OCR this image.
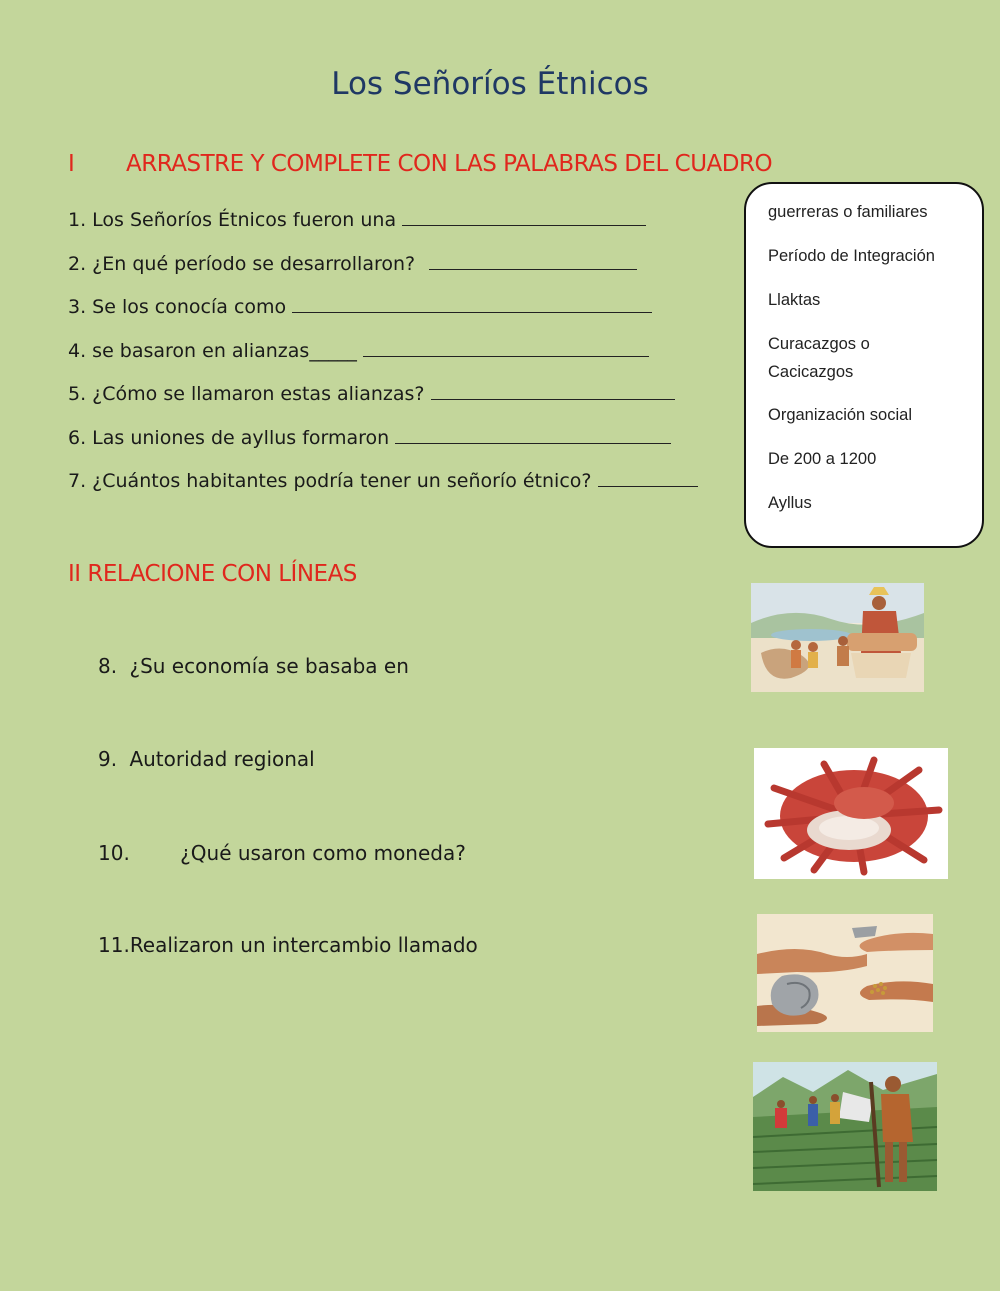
Los Señoríos Étnicos
I ARRASTRE Y COMPLETE CON LAS PALABRAS DEL CUADRO
1. Los Señoríos Étnicos fueron una
2. ¿En qué período se desarrollaron?
3. Se los conocía como
4. se basaron en alianzas_____
5. ¿Cómo se llamaron estas alianzas?
6. Las uniones de ayllus formaron
7. ¿Cuántos habitantes podría tener un señorío étnico?
guerreras o familiares
Período de Integración
Llaktas
Curacazgos o Cacicazgos
Organización social
De 200 a 1200
Ayllus
II RELACIONE CON LÍNEAS
8. ¿Su economía se basaba en
9. Autoridad regional
10.	¿Qué usaron como moneda?
11.Realizaron un intercambio llamado
